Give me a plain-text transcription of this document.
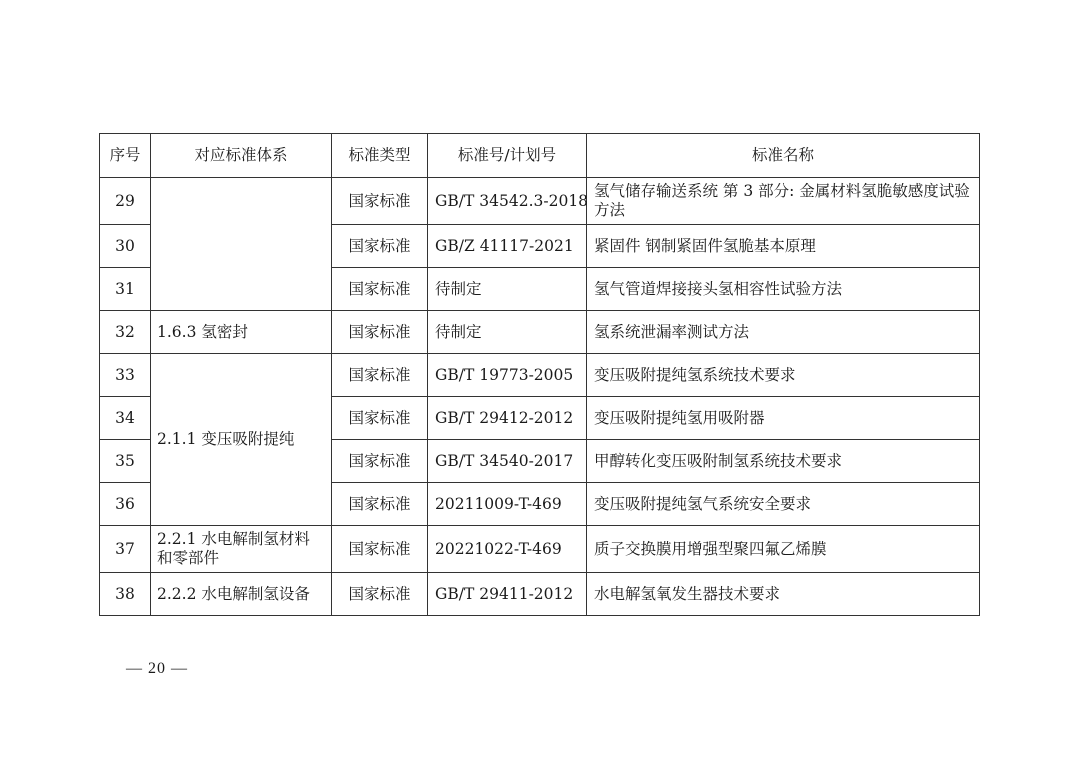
序号	对应标准体系	标准类型	标准号/计划号	标准名称
29		国家标准	GB/T 34542.3-2018	氢气储存输送系统 第 3 部分: 金属材料氢脆敏感度试验方法
30		国家标准	GB/Z 41117-2021	紧固件 钢制紧固件氢脆基本原理
31		国家标准	待制定	氢气管道焊接接头氢相容性试验方法
32	1.6.3 氢密封	国家标准	待制定	氢系统泄漏率测试方法
33	2.1.1 变压吸附提纯	国家标准	GB/T 19773-2005	变压吸附提纯氢系统技术要求
34		国家标准	GB/T 29412-2012	变压吸附提纯氢用吸附器
35		国家标准	GB/T 34540-2017	甲醇转化变压吸附制氢系统技术要求
36		国家标准	20211009-T-469	变压吸附提纯氢气系统安全要求
37	2.2.1 水电解制氢材料和零部件	国家标准	20221022-T-469	质子交换膜用增强型聚四氟乙烯膜
38	2.2.2 水电解制氢设备	国家标准	GB/T 29411-2012	水电解氢氧发生器技术要求
— 20 —
